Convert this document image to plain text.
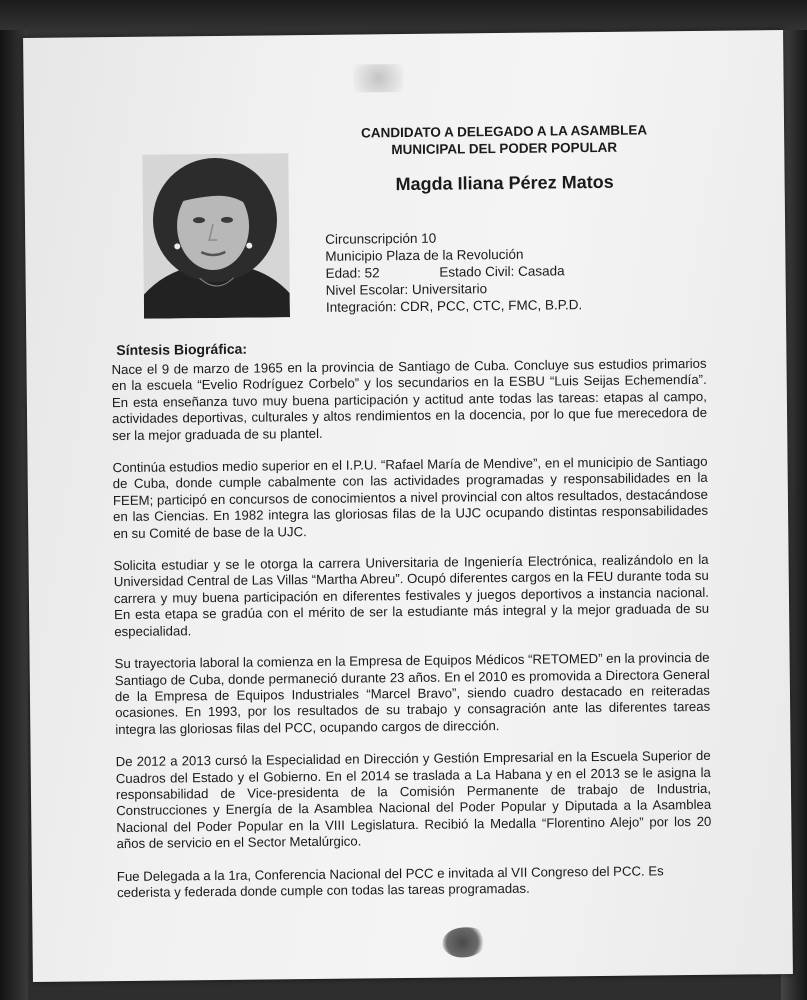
CANDIDATO A DELEGADO A LA ASAMBLEA
MUNICIPAL DEL PODER POPULAR
Magda Iliana Pérez Matos
Circunscripción 10
Municipio Plaza de la Revolución
Edad: 52	Estado Civil: Casada
Nivel Escolar: Universitario
Integración: CDR, PCC, CTC, FMC, B.P.D.
Síntesis Biográfica:

Nace el 9 de marzo de 1965 en la provincia de Santiago de Cuba. Concluye sus estudios primarios en la escuela “Evelio Rodríguez Corbelo” y los secundarios en la ESBU “Luis Seijas Echemendía”. En esta enseñanza tuvo muy buena participación y actitud ante todas las tareas: etapas al campo, actividades deportivas, culturales y altos rendimientos en la docencia, por lo que fue merecedora de ser la mejor graduada de su plantel.

Continúa estudios medio superior en el I.P.U. “Rafael María de Mendive”, en el municipio de Santiago de Cuba, donde cumple cabalmente con las actividades programadas y responsabilidades en la FEEM; participó en concursos de conocimientos a nivel provincial con altos resultados, destacándose en las Ciencias. En 1982 integra las gloriosas filas de la UJC ocupando distintas responsabilidades en su Comité de base de la UJC.

Solicita estudiar y se le otorga la carrera Universitaria de Ingeniería Electrónica, realizándolo en la Universidad Central de Las Villas “Martha Abreu”. Ocupó diferentes cargos en la FEU durante toda su carrera y muy buena participación en diferentes festivales y juegos deportivos a instancia nacional. En esta etapa se gradúa con el mérito de ser la estudiante más integral y la mejor graduada de su especialidad.

Su trayectoria laboral la comienza en la Empresa de Equipos Médicos “RETOMED” en la provincia de Santiago de Cuba, donde permaneció durante 23 años. En el 2010 es promovida a Directora General de la Empresa de Equipos Industriales “Marcel Bravo”, siendo cuadro destacado en reiteradas ocasiones. En 1993, por los resultados de su trabajo y consagración ante las diferentes tareas integra las gloriosas filas del PCC, ocupando cargos de dirección.

De 2012 a 2013 cursó la Especialidad en Dirección y Gestión Empresarial en la Escuela Superior de Cuadros del Estado y el Gobierno. En el 2014 se traslada a La Habana y en el 2013 se le asigna la responsabilidad de Vice-presidenta de la Comisión Permanente de trabajo de Industria, Construcciones y Energía de la Asamblea Nacional del Poder Popular y Diputada a la Asamblea Nacional del Poder Popular en la VIII Legislatura. Recibió la Medalla “Florentino Alejo” por los 20 años de servicio en el Sector Metalúrgico.

Fue Delegada a la 1ra, Conferencia Nacional del PCC e invitada al VII Congreso del PCC. Es cederista y federada donde cumple con todas las tareas programadas.
